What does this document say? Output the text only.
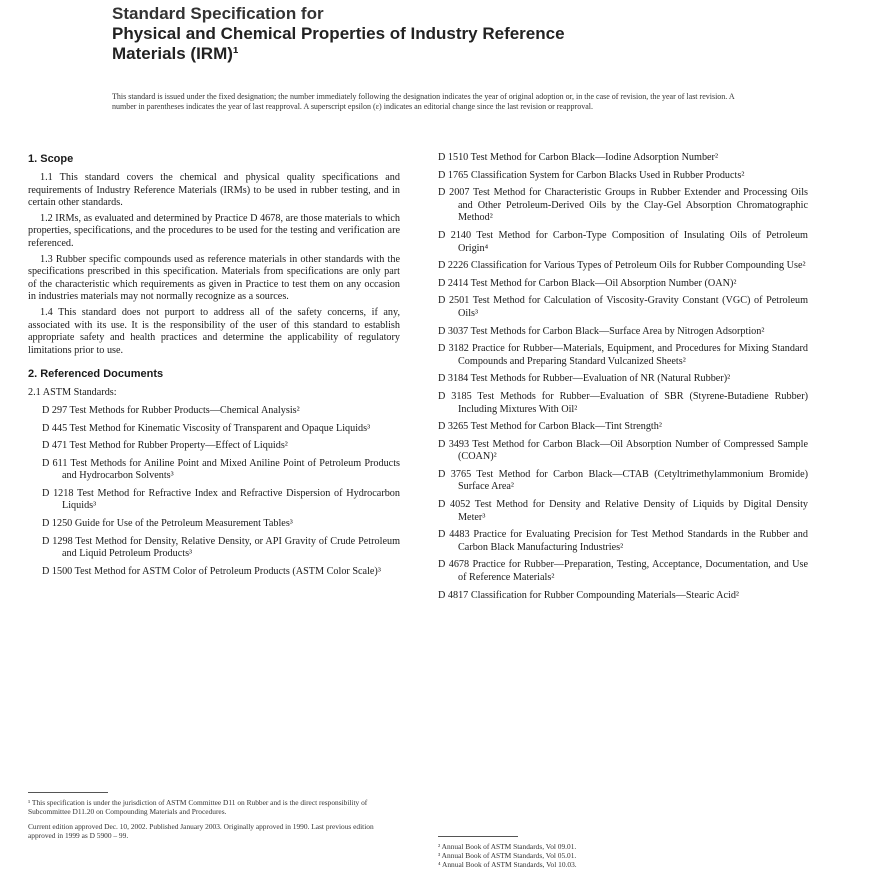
Standard Specification for
Physical and Chemical Properties of Industry Reference
Materials (IRM)¹
This standard is issued under the fixed designation; the number immediately following the designation indicates the year of original adoption or, in the case of revision, the year of last revision. A number in parentheses indicates the year of last reapproval. A superscript epsilon (ε) indicates an editorial change since the last revision or reapproval.
1. Scope

1.1 This standard covers the chemical and physical quality specifications and requirements of Industry Reference Materials (IRMs) to be used in rubber testing, and in certain other standards.

1.2 IRMs, as evaluated and determined by Practice D 4678, are those materials to which properties, specifications, and the procedures to be used for the testing and verification are referenced.

1.3 Rubber specific compounds used as reference materials in other standards with the specifications prescribed in this specification. Materials from specifications are only part of the characteristic which requirements as given in Practice to test them on any occasion in industries materials may not normally recognize as a sources.

1.4 This standard does not purport to address all of the safety concerns, if any, associated with its use. It is the responsibility of the user of this standard to establish appropriate safety and health practices and determine the applicability of regulatory limitations prior to use.

2. Referenced Documents
2.1 ASTM Standards:
D 297 Test Methods for Rubber Products—Chemical Analysis²
D 445 Test Method for Kinematic Viscosity of Transparent and Opaque Liquids³
D 471 Test Method for Rubber Property—Effect of Liquids²
D 611 Test Methods for Aniline Point and Mixed Aniline Point of Petroleum Products and Hydrocarbon Solvents³
D 1218 Test Method for Refractive Index and Refractive Dispersion of Hydrocarbon Liquids³
D 1250 Guide for Use of the Petroleum Measurement Tables³
D 1298 Test Method for Density, Relative Density, or API Gravity of Crude Petroleum and Liquid Petroleum Products³
D 1500 Test Method for ASTM Color of Petroleum Products (ASTM Color Scale)³
¹ This specification is under the jurisdiction of ASTM Committee D11 on Rubber and is the direct responsibility of Subcommittee D11.20 on Compounding Materials and Procedures.
Current edition approved Dec. 10, 2002. Published January 2003. Originally approved in 1990. Last previous edition approved in 1999 as D 5900 – 99.
D 1510 Test Method for Carbon Black—Iodine Adsorption Number²
D 1765 Classification System for Carbon Blacks Used in Rubber Products²
D 2007 Test Method for Characteristic Groups in Rubber Extender and Processing Oils and Other Petroleum-Derived Oils by the Clay-Gel Absorption Chromatographic Method²
D 2140 Test Method for Carbon-Type Composition of Insulating Oils of Petroleum Origin⁴
D 2226 Classification for Various Types of Petroleum Oils for Rubber Compounding Use²
D 2414 Test Method for Carbon Black—Oil Absorption Number (OAN)²
D 2501 Test Method for Calculation of Viscosity-Gravity Constant (VGC) of Petroleum Oils³
D 3037 Test Methods for Carbon Black—Surface Area by Nitrogen Adsorption²
D 3182 Practice for Rubber—Materials, Equipment, and Procedures for Mixing Standard Compounds and Preparing Standard Vulcanized Sheets²
D 3184 Test Methods for Rubber—Evaluation of NR (Natural Rubber)²
D 3185 Test Methods for Rubber—Evaluation of SBR (Styrene-Butadiene Rubber) Including Mixtures With Oil²
D 3265 Test Method for Carbon Black—Tint Strength²
D 3493 Test Method for Carbon Black—Oil Absorption Number of Compressed Sample (COAN)²
D 3765 Test Method for Carbon Black—CTAB (Cetyltrimethylammonium Bromide) Surface Area²
D 4052 Test Method for Density and Relative Density of Liquids by Digital Density Meter³
D 4483 Practice for Evaluating Precision for Test Method Standards in the Rubber and Carbon Black Manufacturing Industries²
D 4678 Practice for Rubber—Preparation, Testing, Acceptance, Documentation, and Use of Reference Materials²
D 4817 Classification for Rubber Compounding Materials—Stearic Acid²
² Annual Book of ASTM Standards, Vol 09.01.
³ Annual Book of ASTM Standards, Vol 05.01.
⁴ Annual Book of ASTM Standards, Vol 10.03.
